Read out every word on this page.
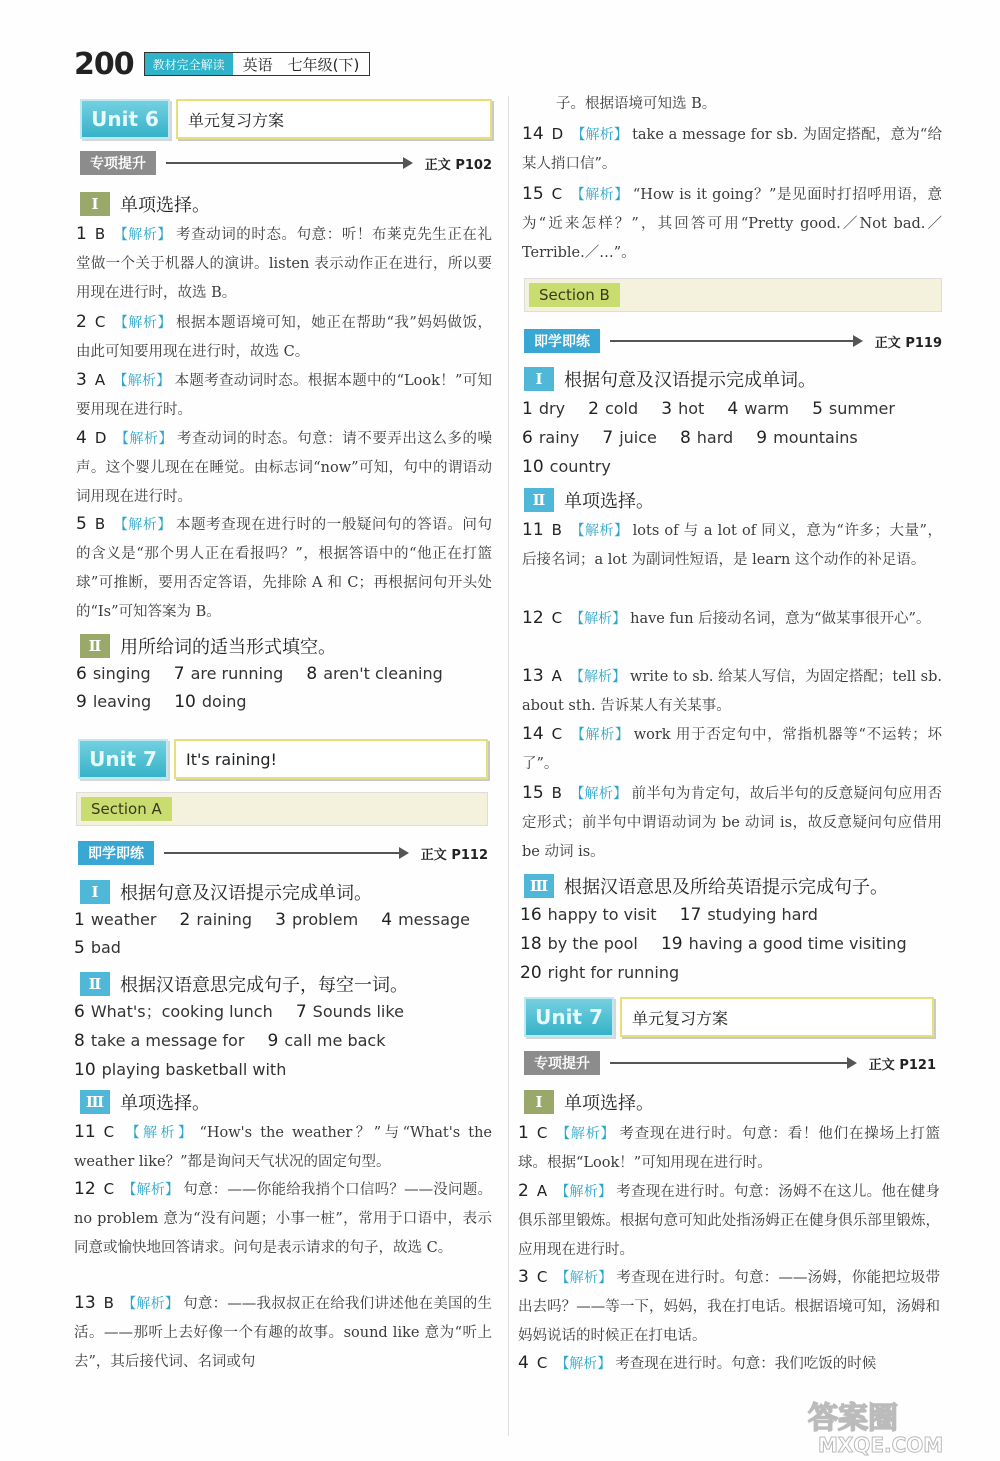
200	教材完全解读	英语　七年级(下)
Unit 6	单元复习方案
专项提升	正文 P102
Ⅰ	单项选择。
1 B 【解析】 考查动词的时态。句意：听！布莱克先生正在礼堂做一个关于机器人的演讲。listen 表示动作正在进行，所以要用现在进行时，故选 B。
2 C 【解析】 根据本题语境可知，她正在帮助“我”妈妈做饭，由此可知要用现在进行时，故选 C。
3 A 【解析】 本题考查动词时态。根据本题中的“Look！”可知要用现在进行时。
4 D 【解析】 考查动词的时态。句意：请不要弄出这么多的噪声。这个婴儿现在在睡觉。由标志词“now”可知，句中的谓语动词用现在进行时。
5 B 【解析】 本题考查现在进行时的一般疑问句的答语。问句的含义是“那个男人正在看报吗？”，根据答语中的“他正在打篮球”可推断，要用否定答语，先排除 A 和 C；再根据问句开头处的“Is”可知答案为 B。
Ⅱ	用所给词的适当形式填空。
6 singing 7 are running 8 aren't cleaning
9 leaving 10 doing
Unit 7	It's raining!
Section A
即学即练	正文 P112
Ⅰ	根据句意及汉语提示完成单词。
1 weather 2 raining 3 problem 4 message
5 bad
Ⅱ	根据汉语意思完成句子，每空一词。
6 What's；cooking lunch 7 Sounds like
8 take a message for 9 call me back
10 playing basketball with
Ⅲ 单项选择。
11 C 【解析】 “How's the weather？”与“What's the weather like？”都是询问天气状况的固定句型。
12 C 【解析】 句意：——你能给我捎个口信吗？——没问题。no problem 意为“没有问题；小事一桩”，常用于口语中，表示同意或愉快地回答请求。问句是表示请求的句子，故选 C。
13 B 【解析】 句意：——我叔叔正在给我们讲述他在美国的生活。——那听上去好像一个有趣的故事。sound like 意为“听上去”，其后接代词、名词或句
子。根据语境可知选 B。
14 D 【解析】 take a message for sb. 为固定搭配，意为“给某人捎口信”。
15 C 【解析】 “How is it going？”是见面时打招呼用语，意为“近来怎样？”，其回答可用“Pretty good.／Not bad.／Terrible.／…”。
Section B
即学即练	正文 P119
Ⅰ	根据句意及汉语提示完成单词。
1 dry 2 cold 3 hot 4 warm 5 summer
6 rainy 7 juice 8 hard 9 mountains
10 country
Ⅱ	单项选择。
11 B 【解析】 lots of 与 a lot of 同义，意为“许多；大量”，后接名词；a lot 为副词性短语，是 learn 这个动作的补足语。
12 C 【解析】 have fun 后接动名词，意为“做某事很开心”。
13 A 【解析】 write to sb. 给某人写信，为固定搭配；tell sb. about sth. 告诉某人有关某事。
14 C 【解析】 work 用于否定句中，常指机器等“不运转；坏了”。
15 B 【解析】 前半句为肯定句，故后半句的反意疑问句应用否定形式；前半句中谓语动词为 be 动词 is，故反意疑问句应借用 be 动词 is。
Ⅲ 根据汉语意思及所给英语提示完成句子。
16 happy to visit 17 studying hard
18 by the pool 19 having a good time visiting
20 right for running
Unit 7	单元复习方案
专项提升	正文 P121
Ⅰ	单项选择。
1 C 【解析】 考查现在进行时。句意：看！他们在操场上打篮球。根据“Look！”可知用现在进行时。
2 A 【解析】 考查现在进行时。句意：汤姆不在这儿。他在健身俱乐部里锻炼。根据句意可知此处指汤姆正在健身俱乐部里锻炼，应用现在进行时。
3 C 【解析】 考查现在进行时。句意：——汤姆，你能把垃圾带出去吗？——等一下，妈妈，我在打电话。根据语境可知，汤姆和妈妈说话的时候正在打电话。
4 C 【解析】 考查现在进行时。句意：我们吃饭的时候
答案圈
MXQE.COM
